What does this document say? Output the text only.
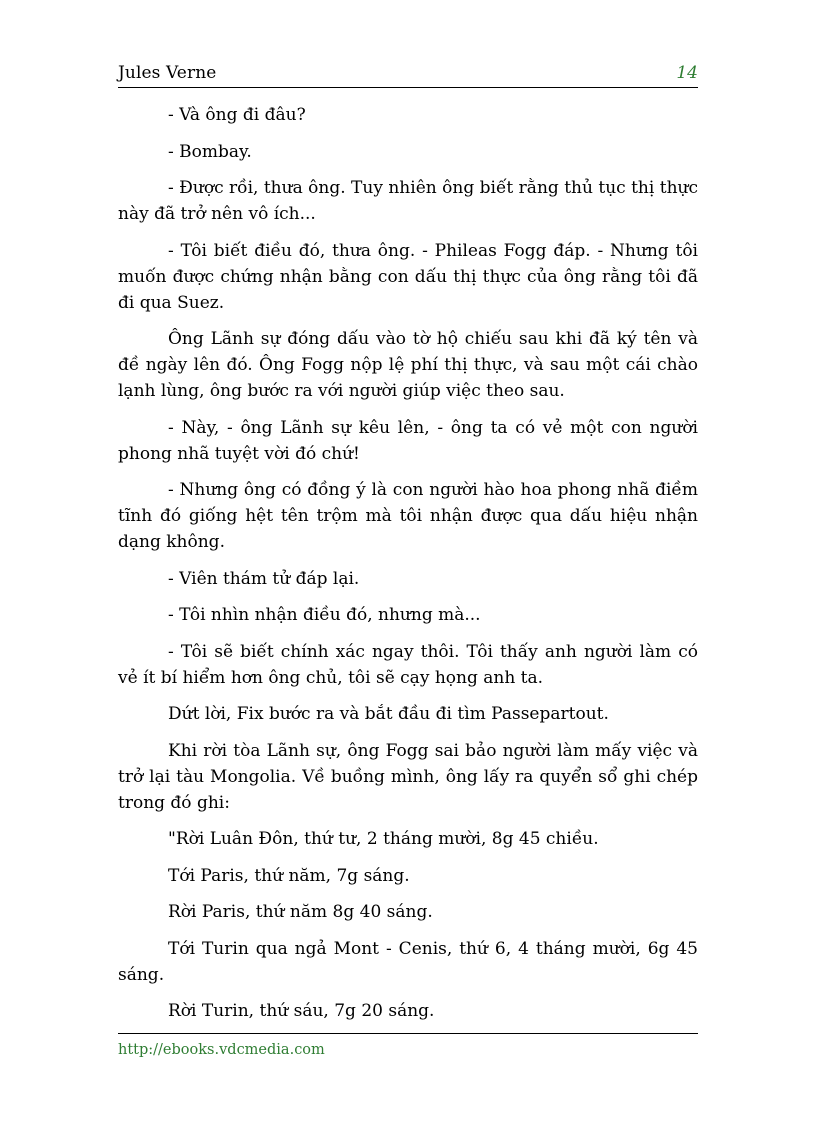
Jules Verne	14

- Và ông đi đâu?

- Bombay.

- Được rồi, thưa ông. Tuy nhiên ông biết rằng thủ tục thị thực này đã trở nên vô ích...

- Tôi biết điều đó, thưa ông. - Phileas Fogg đáp. - Nhưng tôi muốn được chứng nhận bằng con dấu thị thực của ông rằng tôi đã đi qua Suez.

Ông Lãnh sự đóng dấu vào tờ hộ chiếu sau khi đã ký tên và đề ngày lên đó. Ông Fogg nộp lệ phí thị thực, và sau một cái chào lạnh lùng, ông bước ra với người giúp việc theo sau.

- Này, - ông Lãnh sự kêu lên, - ông ta có vẻ một con người phong nhã tuyệt vời đó chứ!

- Nhưng ông có đồng ý là con người hào hoa phong nhã điềm tĩnh đó giống hệt tên trộm mà tôi nhận được qua dấu hiệu nhận dạng không.

- Viên thám tử đáp lại.

- Tôi nhìn nhận điều đó, nhưng mà...

- Tôi sẽ biết chính xác ngay thôi. Tôi thấy anh người làm có vẻ ít bí hiểm hơn ông chủ, tôi sẽ cạy họng anh ta.

Dứt lời, Fix bước ra và bắt đầu đi tìm Passepartout.

Khi rời tòa Lãnh sự, ông Fogg sai bảo người làm mấy việc và trở lại tàu Mongolia. Về buồng mình, ông lấy ra quyển sổ ghi chép trong đó ghi:

"Rời Luân Đôn, thứ tư, 2 tháng mười, 8g 45 chiều.

Tới Paris, thứ năm, 7g sáng.

Rời Paris, thứ năm 8g 40 sáng.

Tới Turin qua ngả Mont - Cenis, thứ 6, 4 tháng mười, 6g 45 sáng.

Rời Turin, thứ sáu, 7g 20 sáng.

http://ebooks.vdcmedia.com
